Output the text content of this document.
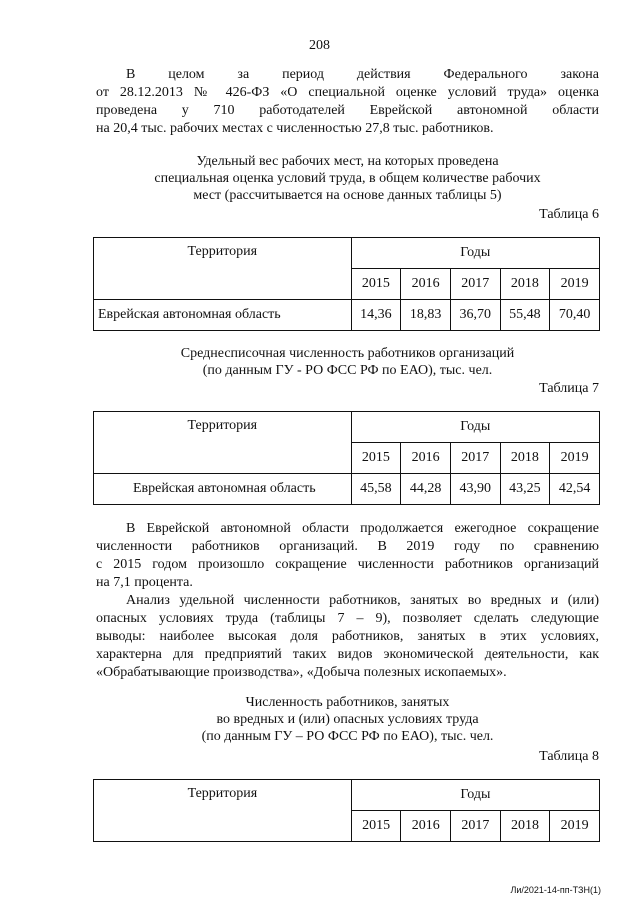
208
В целом за период действия Федерального закона
от 28.12.2013 № 426-ФЗ «О специальной оценке условий труда» оценка
проведена у 710 работодателей Еврейской автономной области
на 20,4 тыс. рабочих местах с численностью 27,8 тыс. работников.
Удельный вес рабочих мест, на которых проведена
специальная оценка условий труда, в общем количестве рабочих
мест (рассчитывается на основе данных таблицы 5)
Таблица 6
Территория	Годы				
	2015	2016	2017	2018	2019
Еврейская автономная область	14,36	18,83	36,70	55,48	70,40
Среднесписочная численность работников организаций
(по данным ГУ - РО ФСС РФ по ЕАО), тыс. чел.
Таблица 7
Территория	Годы				
	2015	2016	2017	2018	2019
Еврейская автономная область	45,58	44,28	43,90	43,25	42,54
В Еврейской автономной области продолжается ежегодное сокращение
численности работников организаций. В 2019 году по сравнению
с 2015 годом произошло сокращение численности работников организаций
на 7,1 процента.
Анализ удельной численности работников, занятых во вредных и (или)
опасных условиях труда (таблицы 7 – 9), позволяет сделать следующие
выводы: наиболее высокая доля работников, занятых в этих условиях,
характерна для предприятий таких видов экономической деятельности, как
«Обрабатывающие производства», «Добыча полезных ископаемых».
Численность работников, занятых
во вредных и (или) опасных условиях труда
(по данным ГУ – РО ФСС РФ по ЕАО), тыс. чел.
Таблица 8
Территория	Годы				
	2015	2016	2017	2018	2019
Ли/2021-14-пп-ТЗН(1)
